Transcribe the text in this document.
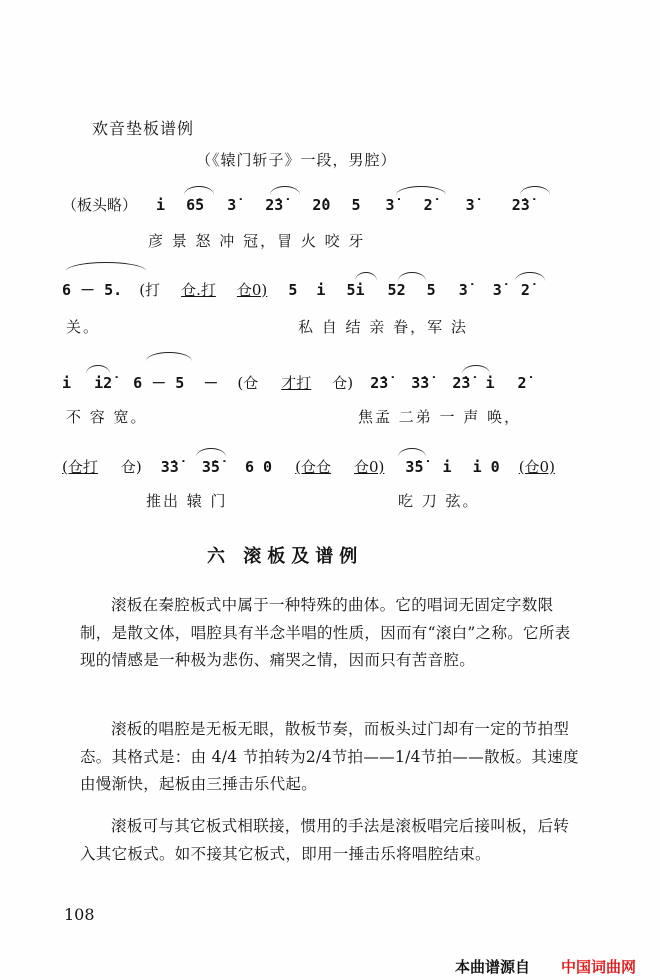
欢音垫板谱例
（《辕门斩子》一段，男腔）
（板头略） i 6̇5 3̇ 2̇3̇ 2̇0 5 3̇ 2̇ 3̇ 2̇3̇
彦 景 怒 冲 冠，冒 火 咬 牙
6 － 5. (打 仓.打 仓0) 5 i 5i 52 5 3̇ 3̇ 2̇
关。	私 自 结 亲 眷，军 法
i i2̇ 6 － 5 － (仓 才打 仓) 2̇3̇ 3̇3̇ 2̇3̇ i 2̇
不 容 宽。	焦孟 二弟 一 声 唤，
(仓打 仓) 3̇3̇ 3̇5̇ 6 0 (仓仓 仓0) 3̇5̇ i i 0 (仓0)
推出 辕 门	吃 刀 弦。
六 滚板及谱例

滚板在秦腔板式中属于一种特殊的曲体。它的唱词无固定字数限制，是散文体，唱腔具有半念半唱的性质，因而有“滚白”之称。它所表现的情感是一种极为悲伤、痛哭之情，因而只有苦音腔。

滚板的唱腔是无板无眼，散板节奏，而板头过门却有一定的节拍型态。其格式是：由 4/4 节拍转为2/4节拍——1/4节拍——散板。其速度由慢渐快，起板由三捶击乐代起。

滚板可与其它板式相联接，惯用的手法是滚板唱完后接叫板，后转入其它板式。如不接其它板式，即用一捶击乐将唱腔结束。

108
本曲谱源自 中国词曲网
